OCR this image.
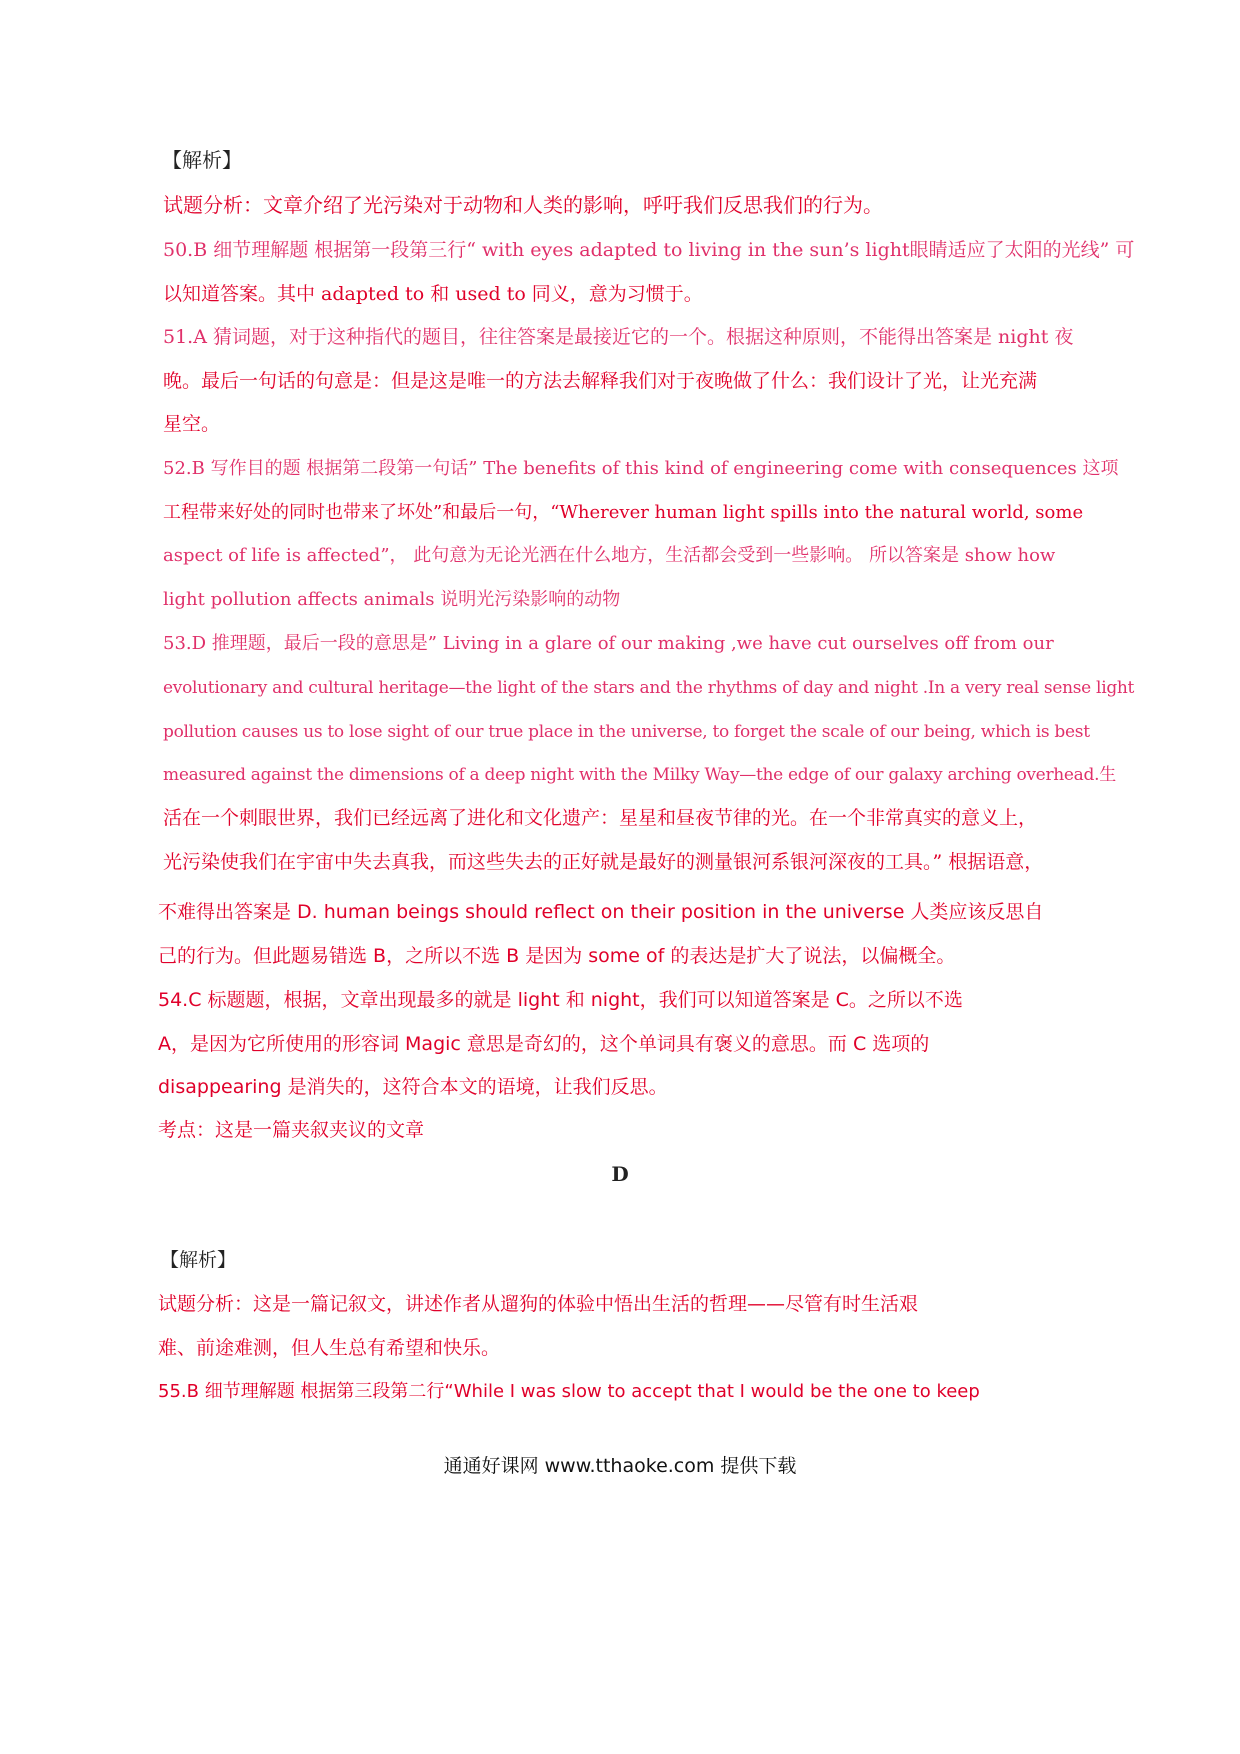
【解析】
试题分析：文章介绍了光污染对于动物和人类的影响，呼吁我们反思我们的行为。
50.B 细节理解题 根据第一段第三行“ with eyes adapted to living in the sun’s light眼睛适应了太阳的光线” 可
以知道答案。其中 adapted to 和 used to 同义，意为习惯于。
51.A 猜词题，对于这种指代的题目，往往答案是最接近它的一个。根据这种原则，不能得出答案是 night 夜
晚。最后一句话的句意是：但是这是唯一的方法去解释我们对于夜晚做了什么：我们设计了光，让光充满
星空。
52.B 写作目的题 根据第二段第一句话” The benefits of this kind of engineering come with consequences 这项
工程带来好处的同时也带来了坏处”和最后一句，“Wherever human light spills into the natural world, some
aspect of life is affected”， 此句意为无论光洒在什么地方，生活都会受到一些影响。 所以答案是 show how
light pollution affects animals 说明光污染影响的动物
53.D 推理题，最后一段的意思是” Living in a glare of our making ,we have cut ourselves off from our
evolutionary and cultural heritage—the light of the stars and the rhythms of day and night .In a very real sense light
pollution causes us to lose sight of our true place in the universe, to forget the scale of our being, which is best
measured against the dimensions of a deep night with the Milky Way—the edge of our galaxy arching overhead.生
活在一个刺眼世界，我们已经远离了进化和文化遗产：星星和昼夜节律的光。在一个非常真实的意义上，
光污染使我们在宇宙中失去真我，而这些失去的正好就是最好的测量银河系银河深夜的工具。” 根据语意，
不难得出答案是 D. human beings should reflect on their position in the universe 人类应该反思自
己的行为。但此题易错选 B，之所以不选 B 是因为 some of 的表达是扩大了说法，以偏概全。
54.C 标题题，根据，文章出现最多的就是 light 和 night，我们可以知道答案是 C。之所以不选
A，是因为它所使用的形容词 Magic 意思是奇幻的，这个单词具有褒义的意思。而 C 选项的
disappearing 是消失的，这符合本文的语境，让我们反思。
考点：这是一篇夹叙夹议的文章
D
【解析】
试题分析：这是一篇记叙文，讲述作者从遛狗的体验中悟出生活的哲理——尽管有时生活艰
难、前途难测，但人生总有希望和快乐。
55.B 细节理解题 根据第三段第二行“While I was slow to accept that I would be the one to keep
通通好课网 www.tthaoke.com 提供下载
